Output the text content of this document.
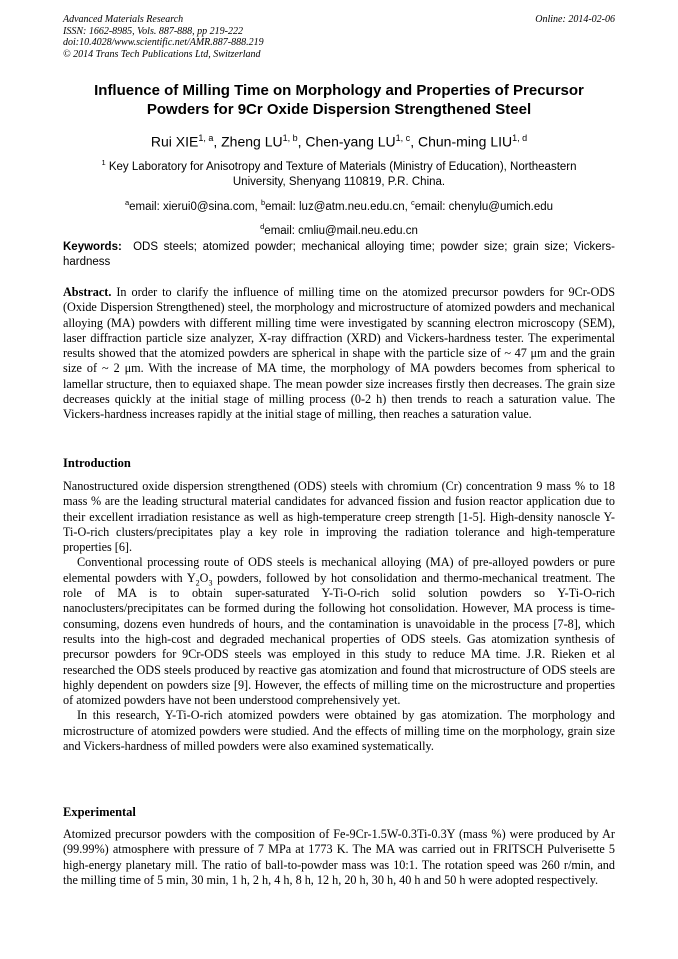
Advanced Materials Research
ISSN: 1662-8985, Vols. 887-888, pp 219-222
doi:10.4028/www.scientific.net/AMR.887-888.219
© 2014 Trans Tech Publications Ltd, Switzerland
Online: 2014-02-06
Influence of Milling Time on Morphology and Properties of Precursor
Powders for 9Cr Oxide Dispersion Strengthened Steel
Rui XIE$^{1, a}$, Zheng LU$^{1, b}$, Chen-yang LU$^{1, c}$, Chun-ming LIU$^{1, d}$
$^1$ Key Laboratory for Anisotropy and Texture of Materials (Ministry of Education), Northeastern
University, Shenyang 110819, P.R. China.
$^a$email: xierui0@sina.com, $^b$email: luz@atm.neu.edu.cn, $^c$email: chenylu@umich.edu
$^d$email: cmliu@mail.neu.edu.cn
Keywords: ODS steels; atomized powder; mechanical alloying time; powder size; grain size; Vickers-hardness

Abstract. In order to clarify the influence of milling time on the atomized precursor powders for 9Cr-ODS (Oxide Dispersion Strengthened) steel, the morphology and microstructure of atomized powders and mechanical alloying (MA) powders with different milling time were investigated by scanning electron microscopy (SEM), laser diffraction particle size analyzer, X-ray diffraction (XRD) and Vickers-hardness tester. The experimental results showed that the atomized powders are spherical in shape with the particle size of ~ 47 μm and the grain size of ~ 2 μm. With the increase of MA time, the morphology of MA powders becomes from spherical to lamellar structure, then to equiaxed shape. The mean powder size increases firstly then decreases. The grain size decreases quickly at the initial stage of milling process (0-2 h) then trends to reach a saturation value. The Vickers-hardness increases rapidly at the initial stage of milling, then reaches a saturation value.

Introduction

Nanostructured oxide dispersion strengthened (ODS) steels with chromium (Cr) concentration 9 mass % to 18 mass % are the leading structural material candidates for advanced fission and fusion reactor application due to their excellent irradiation resistance as well as high-temperature creep strength [1-5]. High-density nanoscle Y-Ti-O-rich clusters/precipitates play a key role in improving the radiation tolerance and high-temperature properties [6].

Conventional processing route of ODS steels is mechanical alloying (MA) of pre-alloyed powders or pure elemental powders with $Y_2O_3$ powders, followed by hot consolidation and thermo-mechanical treatment. The role of MA is to obtain super-saturated Y-Ti-O-rich solid solution powders so Y-Ti-O-rich nanoclusters/precipitates can be formed during the following hot consolidation. However, MA process is time-consuming, dozens even hundreds of hours, and the contamination is unavoidable in the process [7-8], which results into the high-cost and degraded mechanical properties of ODS steels. Gas atomization synthesis of precursor powders for 9Cr-ODS steels was employed in this study to reduce MA time. J.R. Rieken et al researched the ODS steels produced by reactive gas atomization and found that microstructure of ODS steels are highly dependent on powders size [9]. However, the effects of milling time on the microstructure and properties of atomized powders have not been understood comprehensively yet.

In this research, Y-Ti-O-rich atomized powders were obtained by gas atomization. The morphology and microstructure of atomized powders were studied. And the effects of milling time on the morphology, grain size and Vickers-hardness of milled powders were also examined systematically.

Experimental

Atomized precursor powders with the composition of Fe-9Cr-1.5W-0.3Ti-0.3Y (mass %) were produced by Ar (99.99%) atmosphere with pressure of 7 MPa at 1773 K. The MA was carried out in FRITSCH Pulverisette 5 high-energy planetary mill. The ratio of ball-to-powder mass was 10:1. The rotation speed was 260 r/min, and the milling time of 5 min, 30 min, 1 h, 2 h, 4 h, 8 h, 12 h, 20 h, 30 h, 40 h and 50 h were adopted respectively.
